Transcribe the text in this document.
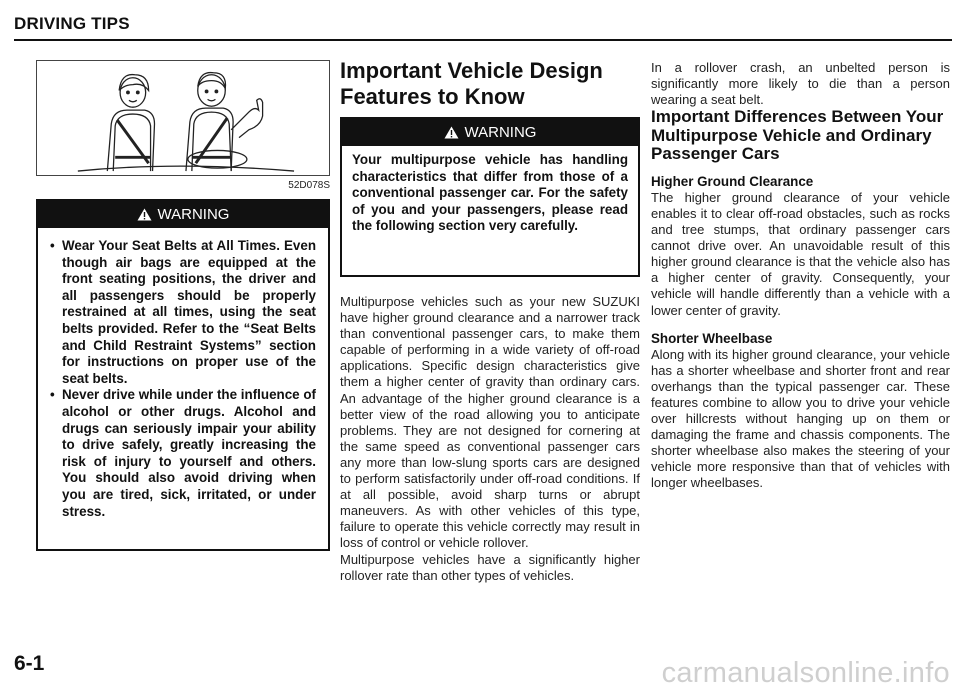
DRIVING TIPS
52D078S
WARNING
• Wear Your Seat Belts at All Times. Even though air bags are equipped at the front seating positions, the driver and all passengers should be properly restrained at all times, using the seat belts provided. Refer to the “Seat Belts and Child Restraint Systems” section for instructions on proper use of the seat belts.
• Never drive while under the influence of alcohol or other drugs. Alcohol and drugs can seriously impair your ability to drive safely, greatly increasing the risk of injury to yourself and others. You should also avoid driving when you are tired, sick, irritated, or under stress.
Important Vehicle Design Features to Know
WARNING
Your multipurpose vehicle has handling characteristics that differ from those of a conventional passenger car. For the safety of you and your passengers, please read the following section very carefully.

Multipurpose vehicles such as your new SUZUKI have higher ground clearance and a narrower track than conventional passenger cars, to make them capable of performing in a wide variety of off-road applications. Specific design characteristics give them a higher center of gravity than ordinary cars. An advantage of the higher ground clearance is a better view of the road allowing you to anticipate problems. They are not designed for cornering at the same speed as conventional passenger cars any more than low-slung sports cars are designed to perform satisfactorily under off-road conditions. If at all possible, avoid sharp turns or abrupt maneuvers. As with other vehicles of this type, failure to operate this vehicle correctly may result in loss of control or vehicle rollover.

Multipurpose vehicles have a significantly higher rollover rate than other types of vehicles.

In a rollover crash, an unbelted person is significantly more likely to die than a person wearing a seat belt.

Important Differences Between Your Multipurpose Vehicle and Ordinary Passenger Cars
Higher Ground Clearance

The higher ground clearance of your vehicle enables it to clear off-road obstacles, such as rocks and tree stumps, that ordinary passenger cars cannot drive over. An unavoidable result of this higher ground clearance is that the vehicle also has a higher center of gravity. Consequently, your vehicle will handle differently than a vehicle with a lower center of gravity.

Shorter Wheelbase

Along with its higher ground clearance, your vehicle has a shorter wheelbase and shorter front and rear overhangs than the typical passenger car. These features combine to allow you to drive your vehicle over hillcrests without hanging up on them or damaging the frame and chassis components. The shorter wheelbase also makes the steering of your vehicle more responsive than that of vehicles with longer wheelbases.

6-1	carmanualsonline.info
